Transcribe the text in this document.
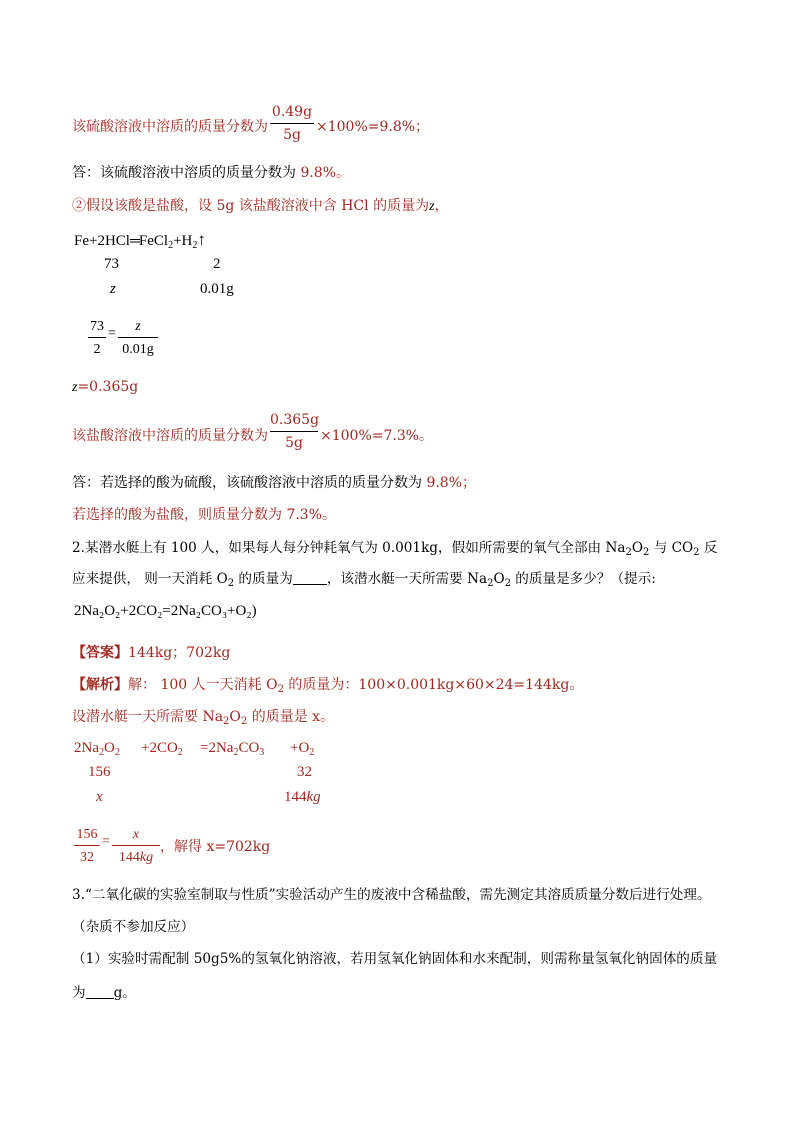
该硫酸溶液中溶质的质量分数为
0.49g
5g	×100%=9.8%；
答：该硫酸溶液中溶质的质量分数为 9.8%。
②假设该酸是盐酸，设 5g 该盐酸溶液中含 HCl 的质量为z，
$Fe+2HCl═FeCl_2+H_2↑$
73	2
z	0.01g
73
2
=	z
0.01g
z=0.365g
该盐酸溶液中溶质的质量分数为
0.365g
5g	×100%=7.3%。
答：若选择的酸为硫酸，该硫酸溶液中溶质的质量分数为 9.8%；
若选择的酸为盐酸，则质量分数为 7.3%。
2.某潜水艇上有 100 人，如果每人每分钟耗氧气为 0.001kg，假如所需要的氧气全部由 $Na_2O_2$ 与 $CO_2$ 反
应来提供， 则一天消耗 $O_2$ 的质量为	，该潜水艇一天所需要 $Na_2O_2$ 的质量是多少？（提示:
2Na₂O₂+2CO₂=2Na₂CO₃+O₂)
【答案】144kg；702kg
【解析】解： 100 人一天消耗 $O_2$ 的质量为：100×0.001kg×60×24=144kg。
设潜水艇一天所需要 $Na_2O_2$ 的质量是 x。
$2Na_2O_2 +2CO_2 =2Na_2CO_3 +O_2$
156	32
x	144kg
156
32
=	x
144kg
，解得 x=702kg
3.“二氧化碳的实验室制取与性质”实验活动产生的废液中含稀盐酸，需先测定其溶质质量分数后进行处理。
（杂质不参加反应）
（1）实验时需配制 50g5%的氢氧化钠溶液，若用氢氧化钠固体和水来配制，则需称量氢氧化钠固体的质量
为 g。
